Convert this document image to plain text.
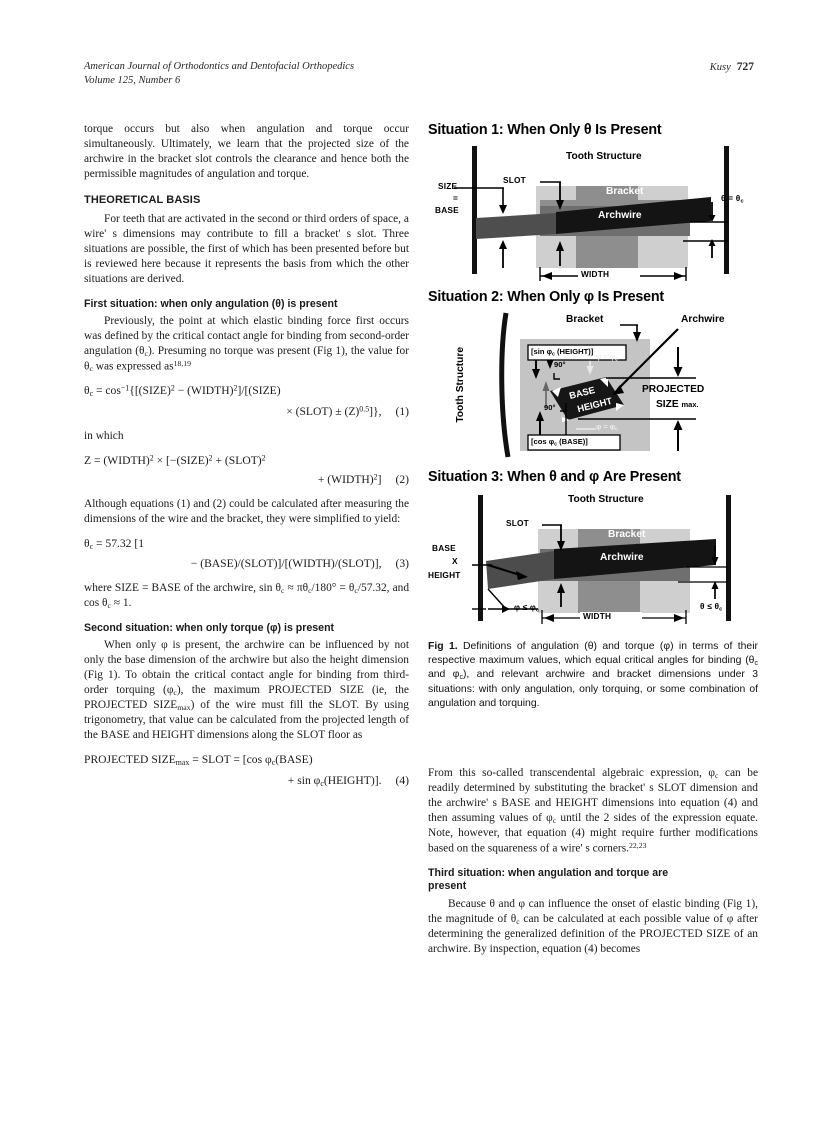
American Journal of Orthodontics and Dentofacial Orthopedics
Volume 125, Number 6
Kusy 727

torque occurs but also when angulation and torque occur simultaneously. Ultimately, we learn that the projected size of the archwire in the bracket slot controls the clearance and hence both the permissible magnitudes of angulation and torque.

THEORETICAL BASIS

For teeth that are activated in the second or third orders of space, a wire' s dimensions may contribute to fill a bracket' s slot. Three situations are possible, the first of which has been presented before but is reviewed here because it represents the basis from which the other situations are derived.

First situation: when only angulation (θ) is present

Previously, the point at which elastic binding force first occurs was defined by the critical contact angle for binding from second-order angulation $(\theta_c)$. Presuming no torque was present (Fig 1), the value for $\theta_c$ was expressed as$^{18,19}$

$\theta_c$ = $\cos^{-1}\{[(SIZE)^2$ − (WIDTH)$^2$]/[(SIZE)
× (SLOT) ± $(Z)^{0.5}$]}, (1)

in which

Z = (WIDTH)$^2$ × [−(SIZE)$^2$ + (SLOT)$^2$
+ (WIDTH)$^2$] (2)

Although equations (1) and (2) could be calculated after measuring the dimensions of the wire and the bracket, they were simplified to yield:

$\theta_c = 57.32$ [1
− (BASE)/(SLOT)]/[(WIDTH)/(SLOT)], (3)

where SIZE = BASE of the archwire, $\sin \theta_c \approx \pi\theta_c/180^\circ = \theta_c/57.32$, and $\cos \theta_c \approx 1$.

Second situation: when only torque (φ) is present

When only φ is present, the archwire can be influenced by not only the base dimension of the archwire but also the height dimension (Fig 1). To obtain the critical contact angle for binding from third-order torquing $(\varphi_c)$, the maximum PROJECTED SIZE (ie, the PROJECTED $SIZE_{max}$) of the wire must fill the SLOT. By using trigonometry, that value can be calculated from the projected length of the BASE and HEIGHT dimensions along the SLOT floor as

PROJECTED $SIZE_{max}$ = SLOT = [cos $\varphi_c(BASE)$
+ $\sin \varphi_c(HEIGHT)$]. (4)
Situation 1: When Only θ Is Present
SIZE
=
BASE
SLOT
Tooth Structure
Bracket
Archwire
WIDTH
$\theta = \theta_c$
Situation 2: When Only φ Is Present
Tooth Structure
Bracket	Archwire
[sin $\varphi_c$ (HEIGHT)]
[cos $\varphi_c$ (BASE)]
90°
90°
BASE
HEIGHT
PROJECTED
SIZE max.
$\varphi = \varphi_c$
$\varphi = \varphi_c$
Situation 3: When θ and φ Are Present
BASE
X
HEIGHT
SLOT
Tooth Structure
Bracket
Archwire
WIDTH
$\varphi \le \varphi_c$	$\theta \le \theta_c$
Fig 1. Definitions of angulation (θ) and torque (φ) in terms of their respective maximum values, which equal critical angles for binding ($\theta_c$ and $\varphi_c$), and relevant archwire and bracket dimensions under 3 situations: with only angulation, only torquing, or some combination of angulation and torquing.

From this so-called transcendental algebraic expression, $\varphi_c$ can be readily determined by substituting the bracket' s SLOT dimension and the archwire' s BASE and HEIGHT dimensions into equation (4) and then assuming values of $\varphi_c$ until the 2 sides of the expression equate. Note, however, that equation (4) might require further modifications based on the squareness of a wire' s corners.$^{22,23}$

Third situation: when angulation and torque are
present

Because θ and φ can influence the onset of elastic binding (Fig 1), the magnitude of $\theta_c$ can be calculated at each possible value of φ after determining the generalized definition of the PROJECTED SIZE of an archwire. By inspection, equation (4) becomes
